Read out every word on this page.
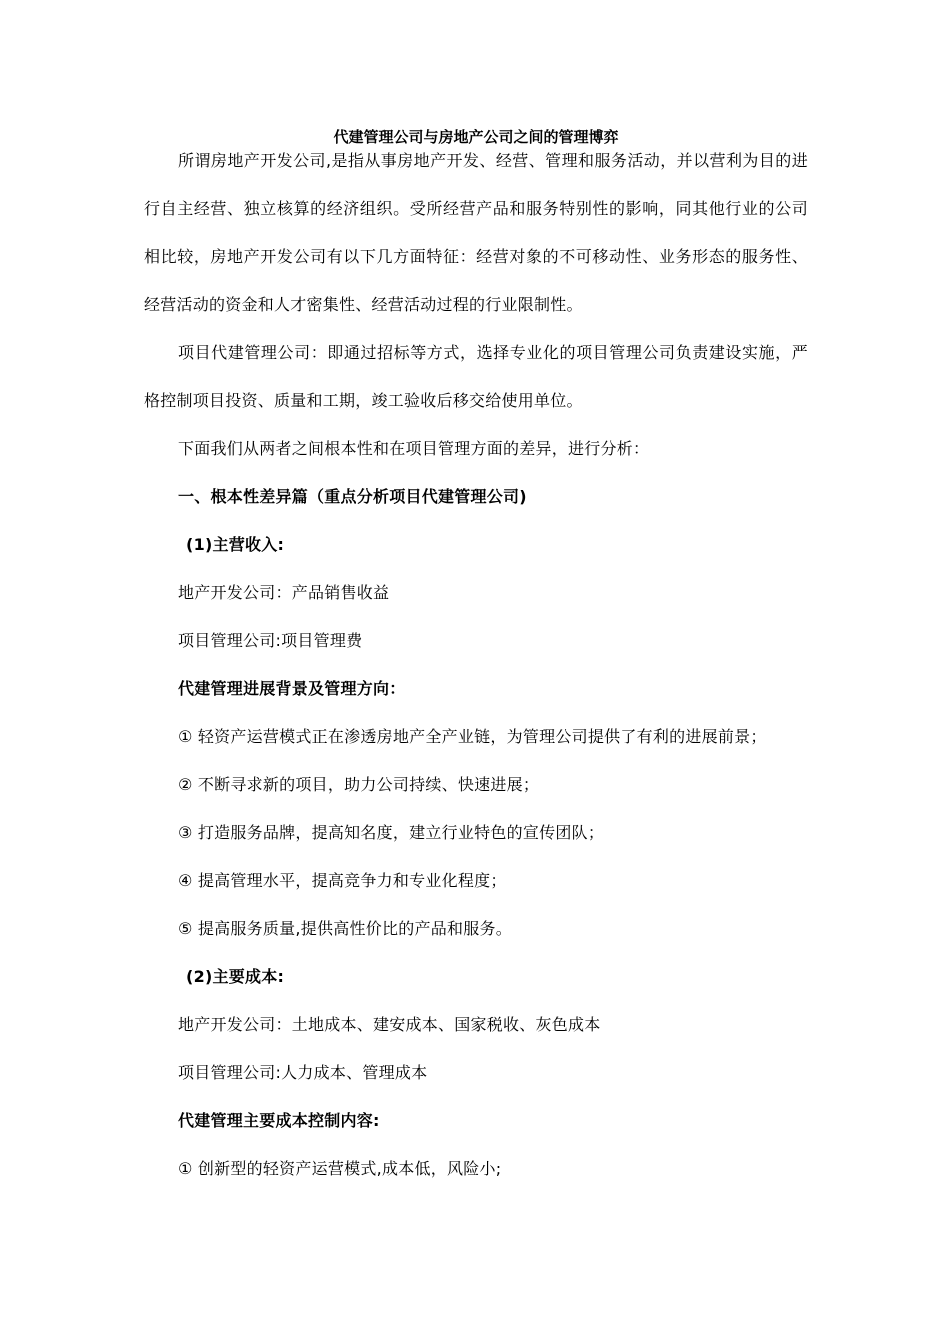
代建管理公司与房地产公司之间的管理博弈

所谓房地产开发公司,是指从事房地产开发、经营、管理和服务活动，并以营利为目的进行自主经营、独立核算的经济组织。受所经营产品和服务特别性的影响，同其他行业的公司相比较，房地产开发公司有以下几方面特征：经营对象的不可移动性、业务形态的服务性、经营活动的资金和人才密集性、经营活动过程的行业限制性。

项目代建管理公司：即通过招标等方式，选择专业化的项目管理公司负责建设实施，严格控制项目投资、质量和工期，竣工验收后移交给使用单位。

下面我们从两者之间根本性和在项目管理方面的差异，进行分析：

一、根本性差异篇（重点分析项目代建管理公司)

(1)主营收入:

地产开发公司：产品销售收益

项目管理公司:项目管理费

代建管理进展背景及管理方向：

① 轻资产运营模式正在渗透房地产全产业链，为管理公司提供了有利的进展前景；

② 不断寻求新的项目，助力公司持续、快速进展；

③ 打造服务品牌，提高知名度，建立行业特色的宣传团队；

④ 提高管理水平，提高竞争力和专业化程度；

⑤ 提高服务质量,提供高性价比的产品和服务。

(2)主要成本:

地产开发公司：土地成本、建安成本、国家税收、灰色成本

项目管理公司:人力成本、管理成本

代建管理主要成本控制内容:

① 创新型的轻资产运营模式,成本低，风险小;
